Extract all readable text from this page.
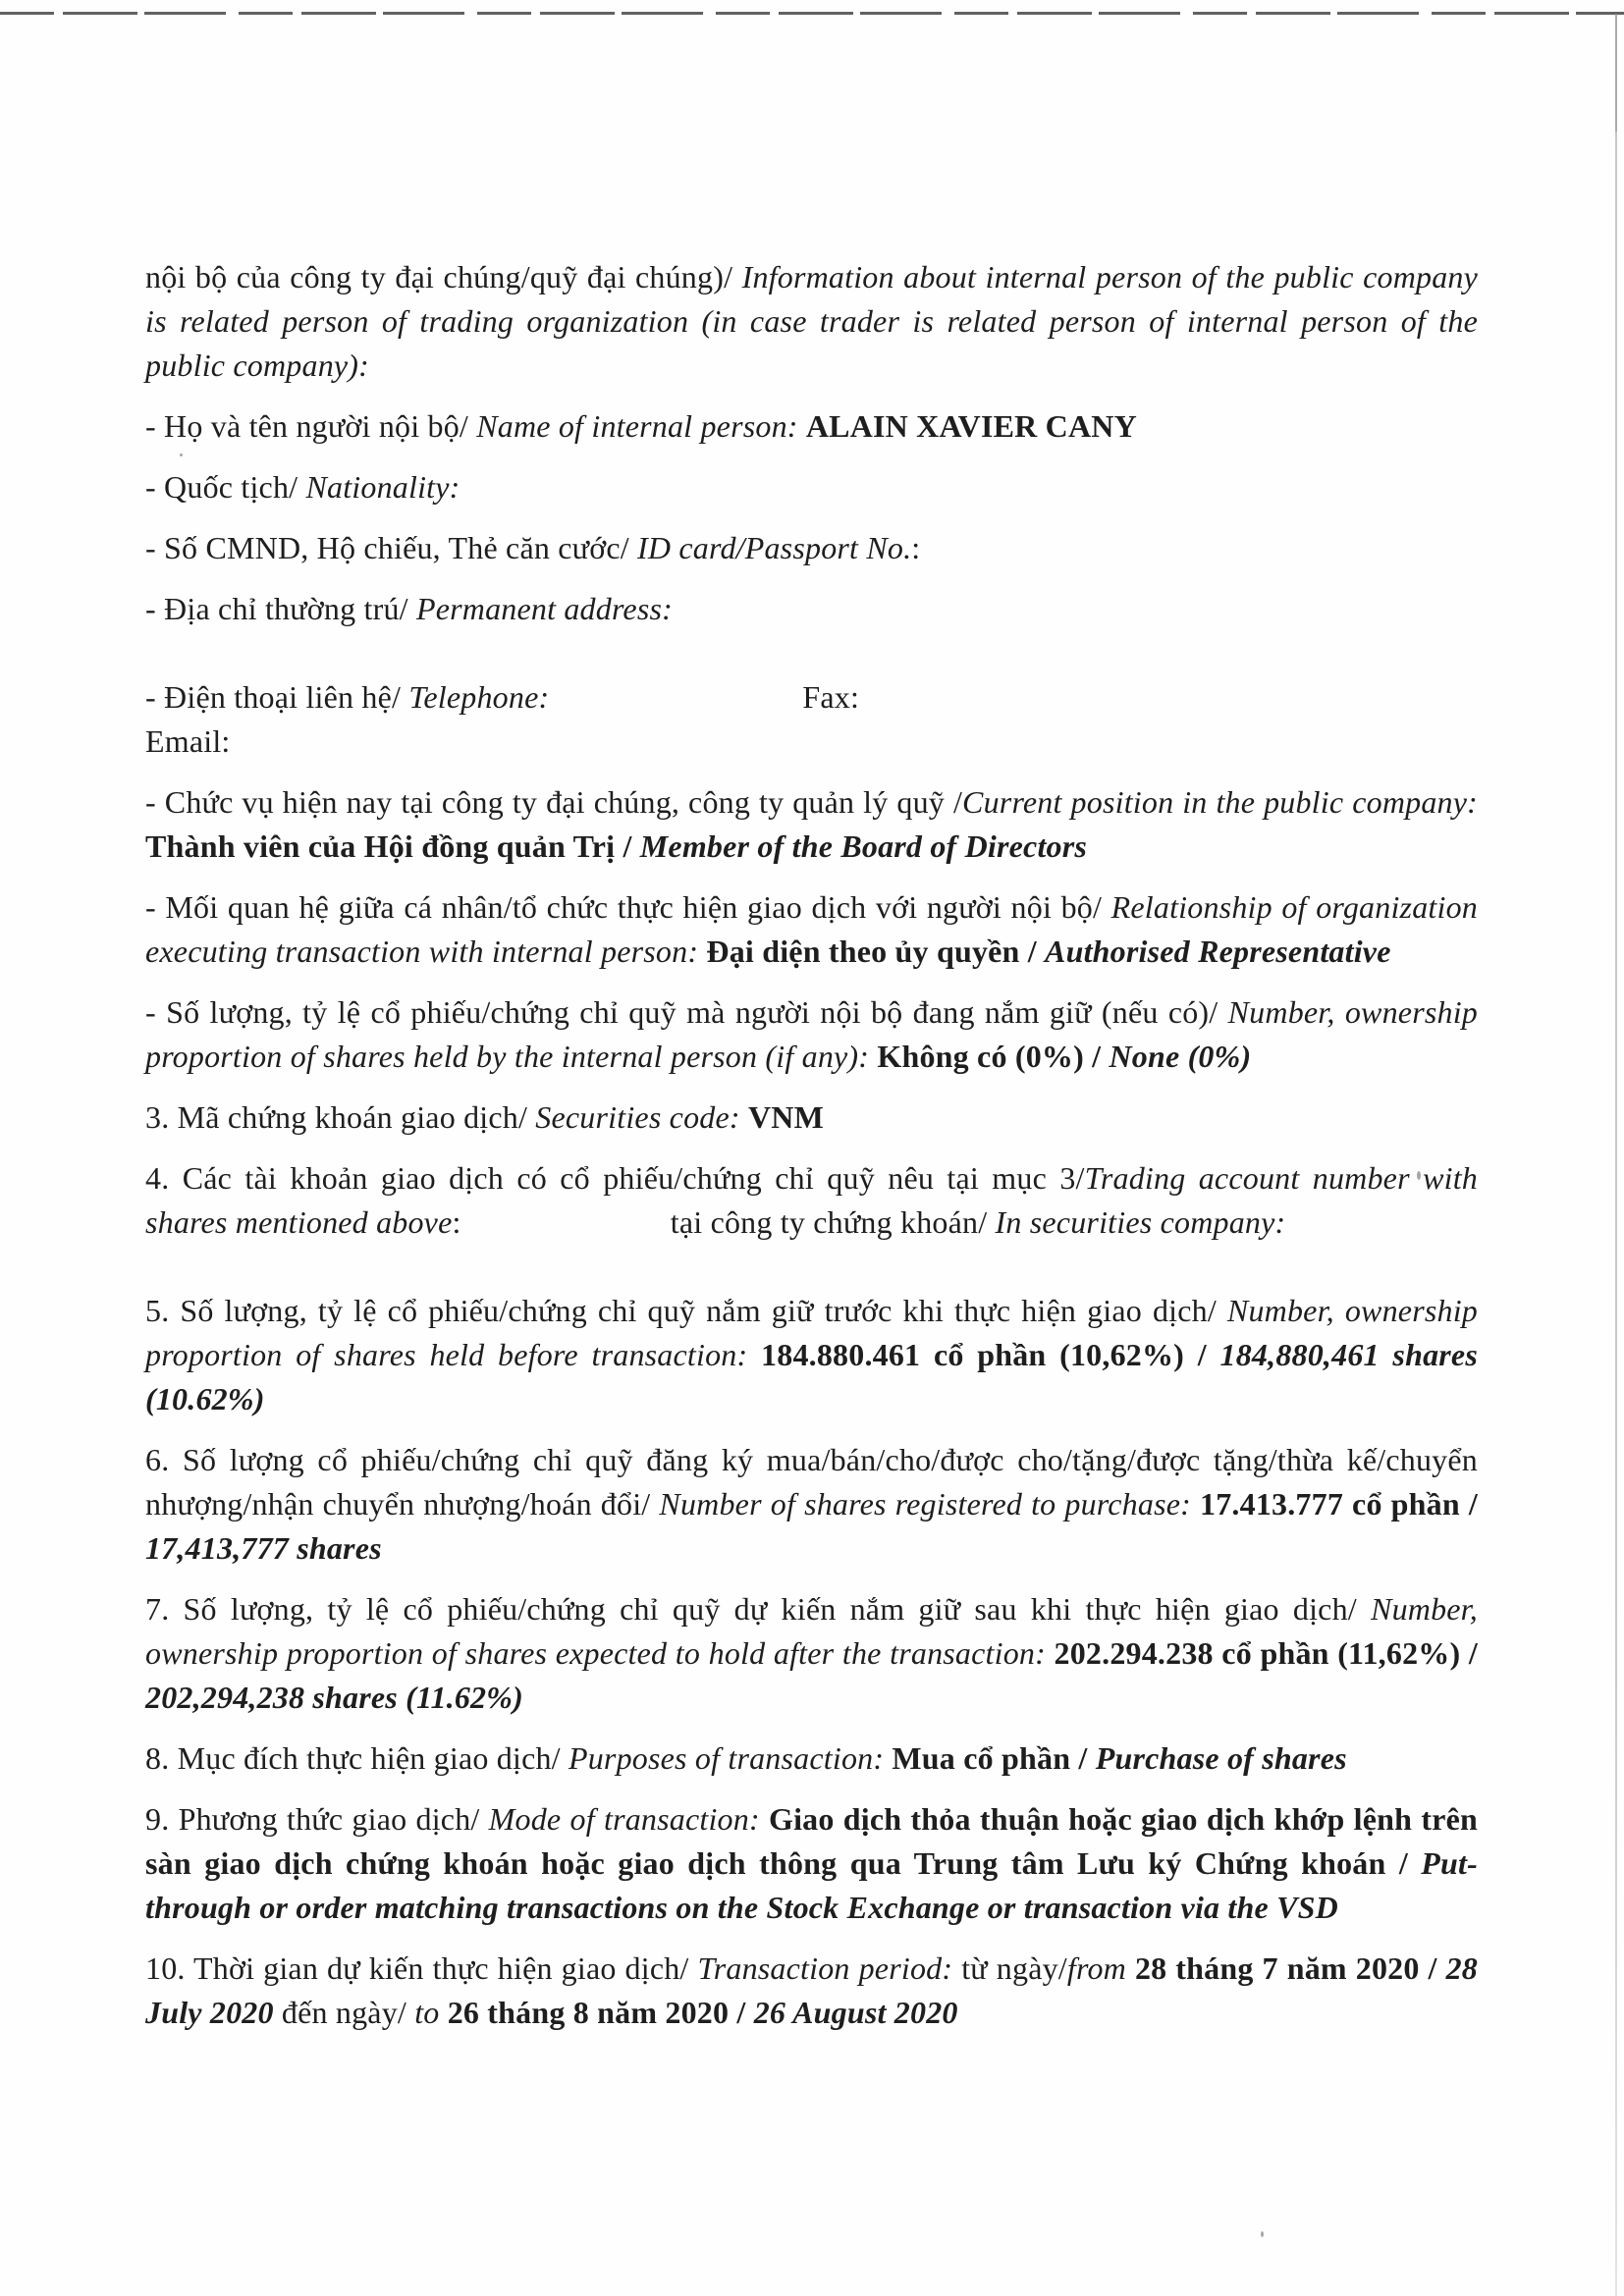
nội bộ của công ty đại chúng/quỹ đại chúng)/ Information about internal person of the public company is related person of trading organization (in case trader is related person of internal person of the public company):

- Họ và tên người nội bộ/ Name of internal person: ALAIN XAVIER CANY

- Quốc tịch/ Nationality:

- Số CMND, Hộ chiếu, Thẻ căn cước/ ID card/Passport No.:

- Địa chỉ thường trú/ Permanent address:

- Điện thoại liên hệ/ Telephone:	Fax:

Email:

- Chức vụ hiện nay tại công ty đại chúng, công ty quản lý quỹ /Current position in the public company: Thành viên của Hội đồng quản Trị / Member of the Board of Directors

- Mối quan hệ giữa cá nhân/tổ chức thực hiện giao dịch với người nội bộ/ Relationship of organization executing transaction with internal person: Đại diện theo ủy quyền / Authorised Representative

- Số lượng, tỷ lệ cổ phiếu/chứng chỉ quỹ mà người nội bộ đang nắm giữ (nếu có)/ Number, ownership proportion of shares held by the internal person (if any): Không có (0%) / None (0%)

3. Mã chứng khoán giao dịch/ Securities code: VNM

4. Các tài khoản giao dịch có cổ phiếu/chứng chỉ quỹ nêu tại mục 3/Trading account number with shares mentioned above:	tại công ty chứng khoán/ In securities company:

5. Số lượng, tỷ lệ cổ phiếu/chứng chỉ quỹ nắm giữ trước khi thực hiện giao dịch/ Number, ownership proportion of shares held before transaction: 184.880.461 cổ phần (10,62%) / 184,880,461 shares (10.62%)

6. Số lượng cổ phiếu/chứng chỉ quỹ đăng ký mua/bán/cho/được cho/tặng/được tặng/thừa kế/chuyển nhượng/nhận chuyển nhượng/hoán đổi/ Number of shares registered to purchase: 17.413.777 cổ phần / 17,413,777 shares

7. Số lượng, tỷ lệ cổ phiếu/chứng chỉ quỹ dự kiến nắm giữ sau khi thực hiện giao dịch/ Number, ownership proportion of shares expected to hold after the transaction: 202.294.238 cổ phần (11,62%) / 202,294,238 shares (11.62%)

8. Mục đích thực hiện giao dịch/ Purposes of transaction: Mua cổ phần / Purchase of shares

9. Phương thức giao dịch/ Mode of transaction: Giao dịch thỏa thuận hoặc giao dịch khớp lệnh trên sàn giao dịch chứng khoán hoặc giao dịch thông qua Trung tâm Lưu ký Chứng khoán / Put-through or order matching transactions on the Stock Exchange or transaction via the VSD

10. Thời gian dự kiến thực hiện giao dịch/ Transaction period: từ ngày/from 28 tháng 7 năm 2020 / 28 July 2020 đến ngày/ to 26 tháng 8 năm 2020 / 26 August 2020
